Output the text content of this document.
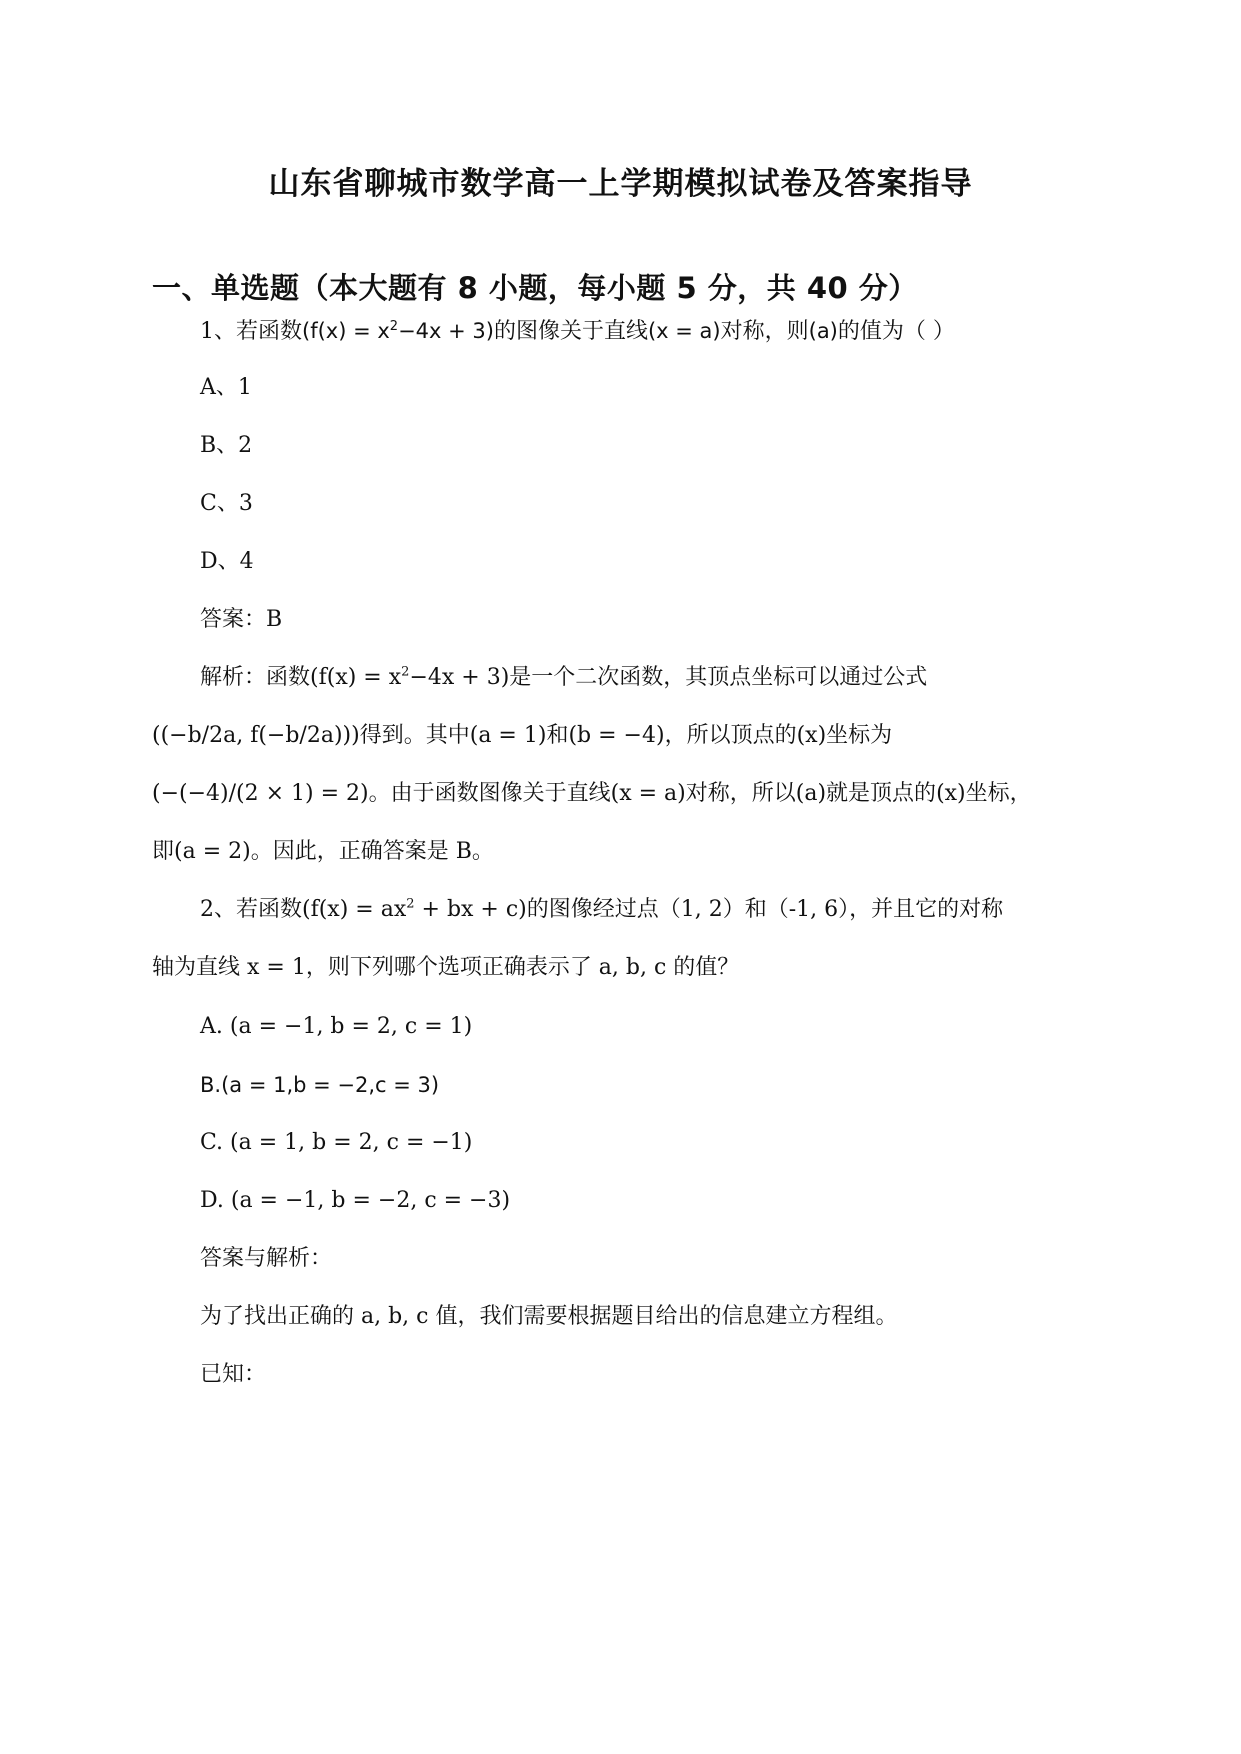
山东省聊城市数学高一上学期模拟试卷及答案指导
一、单选题（本大题有 8 小题，每小题 5 分，共 40 分）
1、若函数$(f(x) = x^2-4x + 3)$的图像关于直线(x = a)对称，则(a)的值为（ ）
A、1
B、2
C、3
D、4
答案：B
解析：函数$(f(x) = x^2-4x + 3)$是一个二次函数，其顶点坐标可以通过公式
((−b/2a, f(−b/2a)))得到。其中(a = 1)和(b = −4)，所以顶点的(x)坐标为
(−(−4)/(2 × 1) = 2)。由于函数图像关于直线(x = a)对称，所以(a)就是顶点的(x)坐标，
即(a = 2)。因此，正确答案是 B。
2、若函数($f(x) = ax^2$ + bx + c)的图像经过点（1, 2）和（-1, 6），并且它的对称
轴为直线 x = 1，则下列哪个选项正确表示了 a, b, c 的值？
A. (a = −1, b = 2, c = 1)
B.(a = 1,b = −2,c = 3)
C. (a = 1, b = 2, c = −1)
D. (a = −1, b = −2, c = −3)
答案与解析：
为了找出正确的 a, b, c 值，我们需要根据题目给出的信息建立方程组。
已知：
